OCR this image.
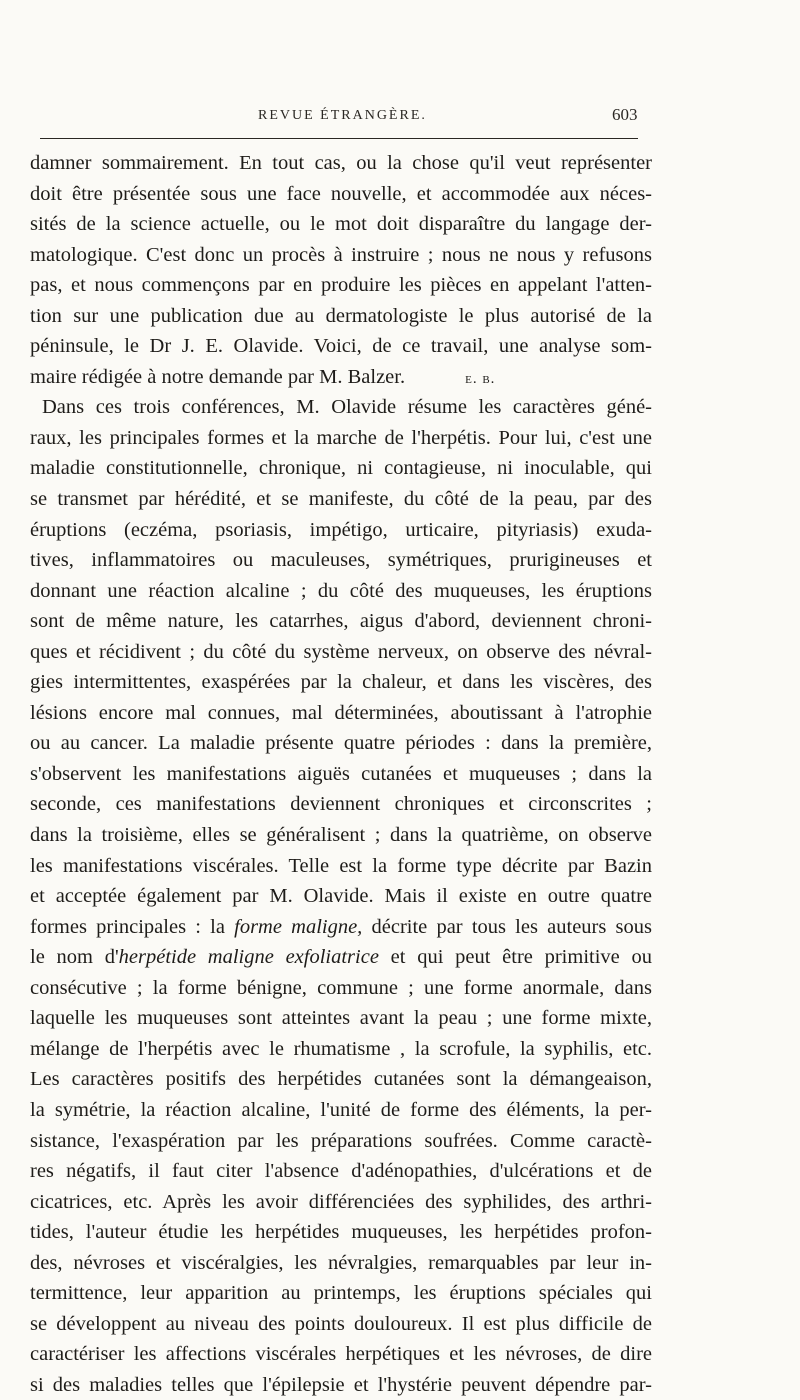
REVUE ÉTRANGÈRE.	603
damner sommairement. En tout cas, ou la chose qu'il veut représenter
doit être présentée sous une face nouvelle, et accommodée aux néces-
sités de la science actuelle, ou le mot doit disparaître du langage der-
matologique. C'est donc un procès à instruire ; nous ne nous y refusons
pas, et nous commençons par en produire les pièces en appelant l'atten-
tion sur une publication due au dermatologiste le plus autorisé de la
péninsule, le Dr J. E. Olavide. Voici, de ce travail, une analyse som-
maire rédigée à notre demande par M. Balzer.	e. b.
Dans ces trois conférences, M. Olavide résume les caractères géné-
raux, les principales formes et la marche de l'herpétis. Pour lui, c'est une
maladie constitutionnelle, chronique, ni contagieuse, ni inoculable, qui
se transmet par hérédité, et se manifeste, du côté de la peau, par des
éruptions (eczéma, psoriasis, impétigo, urticaire, pityriasis) exuda-
tives, inflammatoires ou maculeuses, symétriques, prurigineuses et
donnant une réaction alcaline ; du côté des muqueuses, les éruptions
sont de même nature, les catarrhes, aigus d'abord, deviennent chroni-
ques et récidivent ; du côté du système nerveux, on observe des névral-
gies intermittentes, exaspérées par la chaleur, et dans les viscères, des
lésions encore mal connues, mal déterminées, aboutissant à l'atrophie
ou au cancer. La maladie présente quatre périodes : dans la première,
s'observent les manifestations aiguës cutanées et muqueuses ; dans la
seconde, ces manifestations deviennent chroniques et circonscrites ;
dans la troisième, elles se généralisent ; dans la quatrième, on observe
les manifestations viscérales. Telle est la forme type décrite par Bazin
et acceptée également par M. Olavide. Mais il existe en outre quatre
formes principales : la forme maligne, décrite par tous les auteurs sous
le nom d'herpétide maligne exfoliatrice et qui peut être primitive ou
consécutive ; la forme bénigne, commune ; une forme anormale, dans
laquelle les muqueuses sont atteintes avant la peau ; une forme mixte,
mélange de l'herpétis avec le rhumatisme , la scrofule, la syphilis, etc.
Les caractères positifs des herpétides cutanées sont la démangeaison,
la symétrie, la réaction alcaline, l'unité de forme des éléments, la per-
sistance, l'exaspération par les préparations soufrées. Comme caractè-
res négatifs, il faut citer l'absence d'adénopathies, d'ulcérations et de
cicatrices, etc. Après les avoir différenciées des syphilides, des arthri-
tides, l'auteur étudie les herpétides muqueuses, les herpétides profon-
des, névroses et viscéralgies, les névralgies, remarquables par leur in-
termittence, leur apparition au printemps, les éruptions spéciales qui
se développent au niveau des points douloureux. Il est plus difficile de
caractériser les affections viscérales herpétiques et les névroses, de dire
si des maladies telles que l'épilepsie et l'hystérie peuvent dépendre par-
